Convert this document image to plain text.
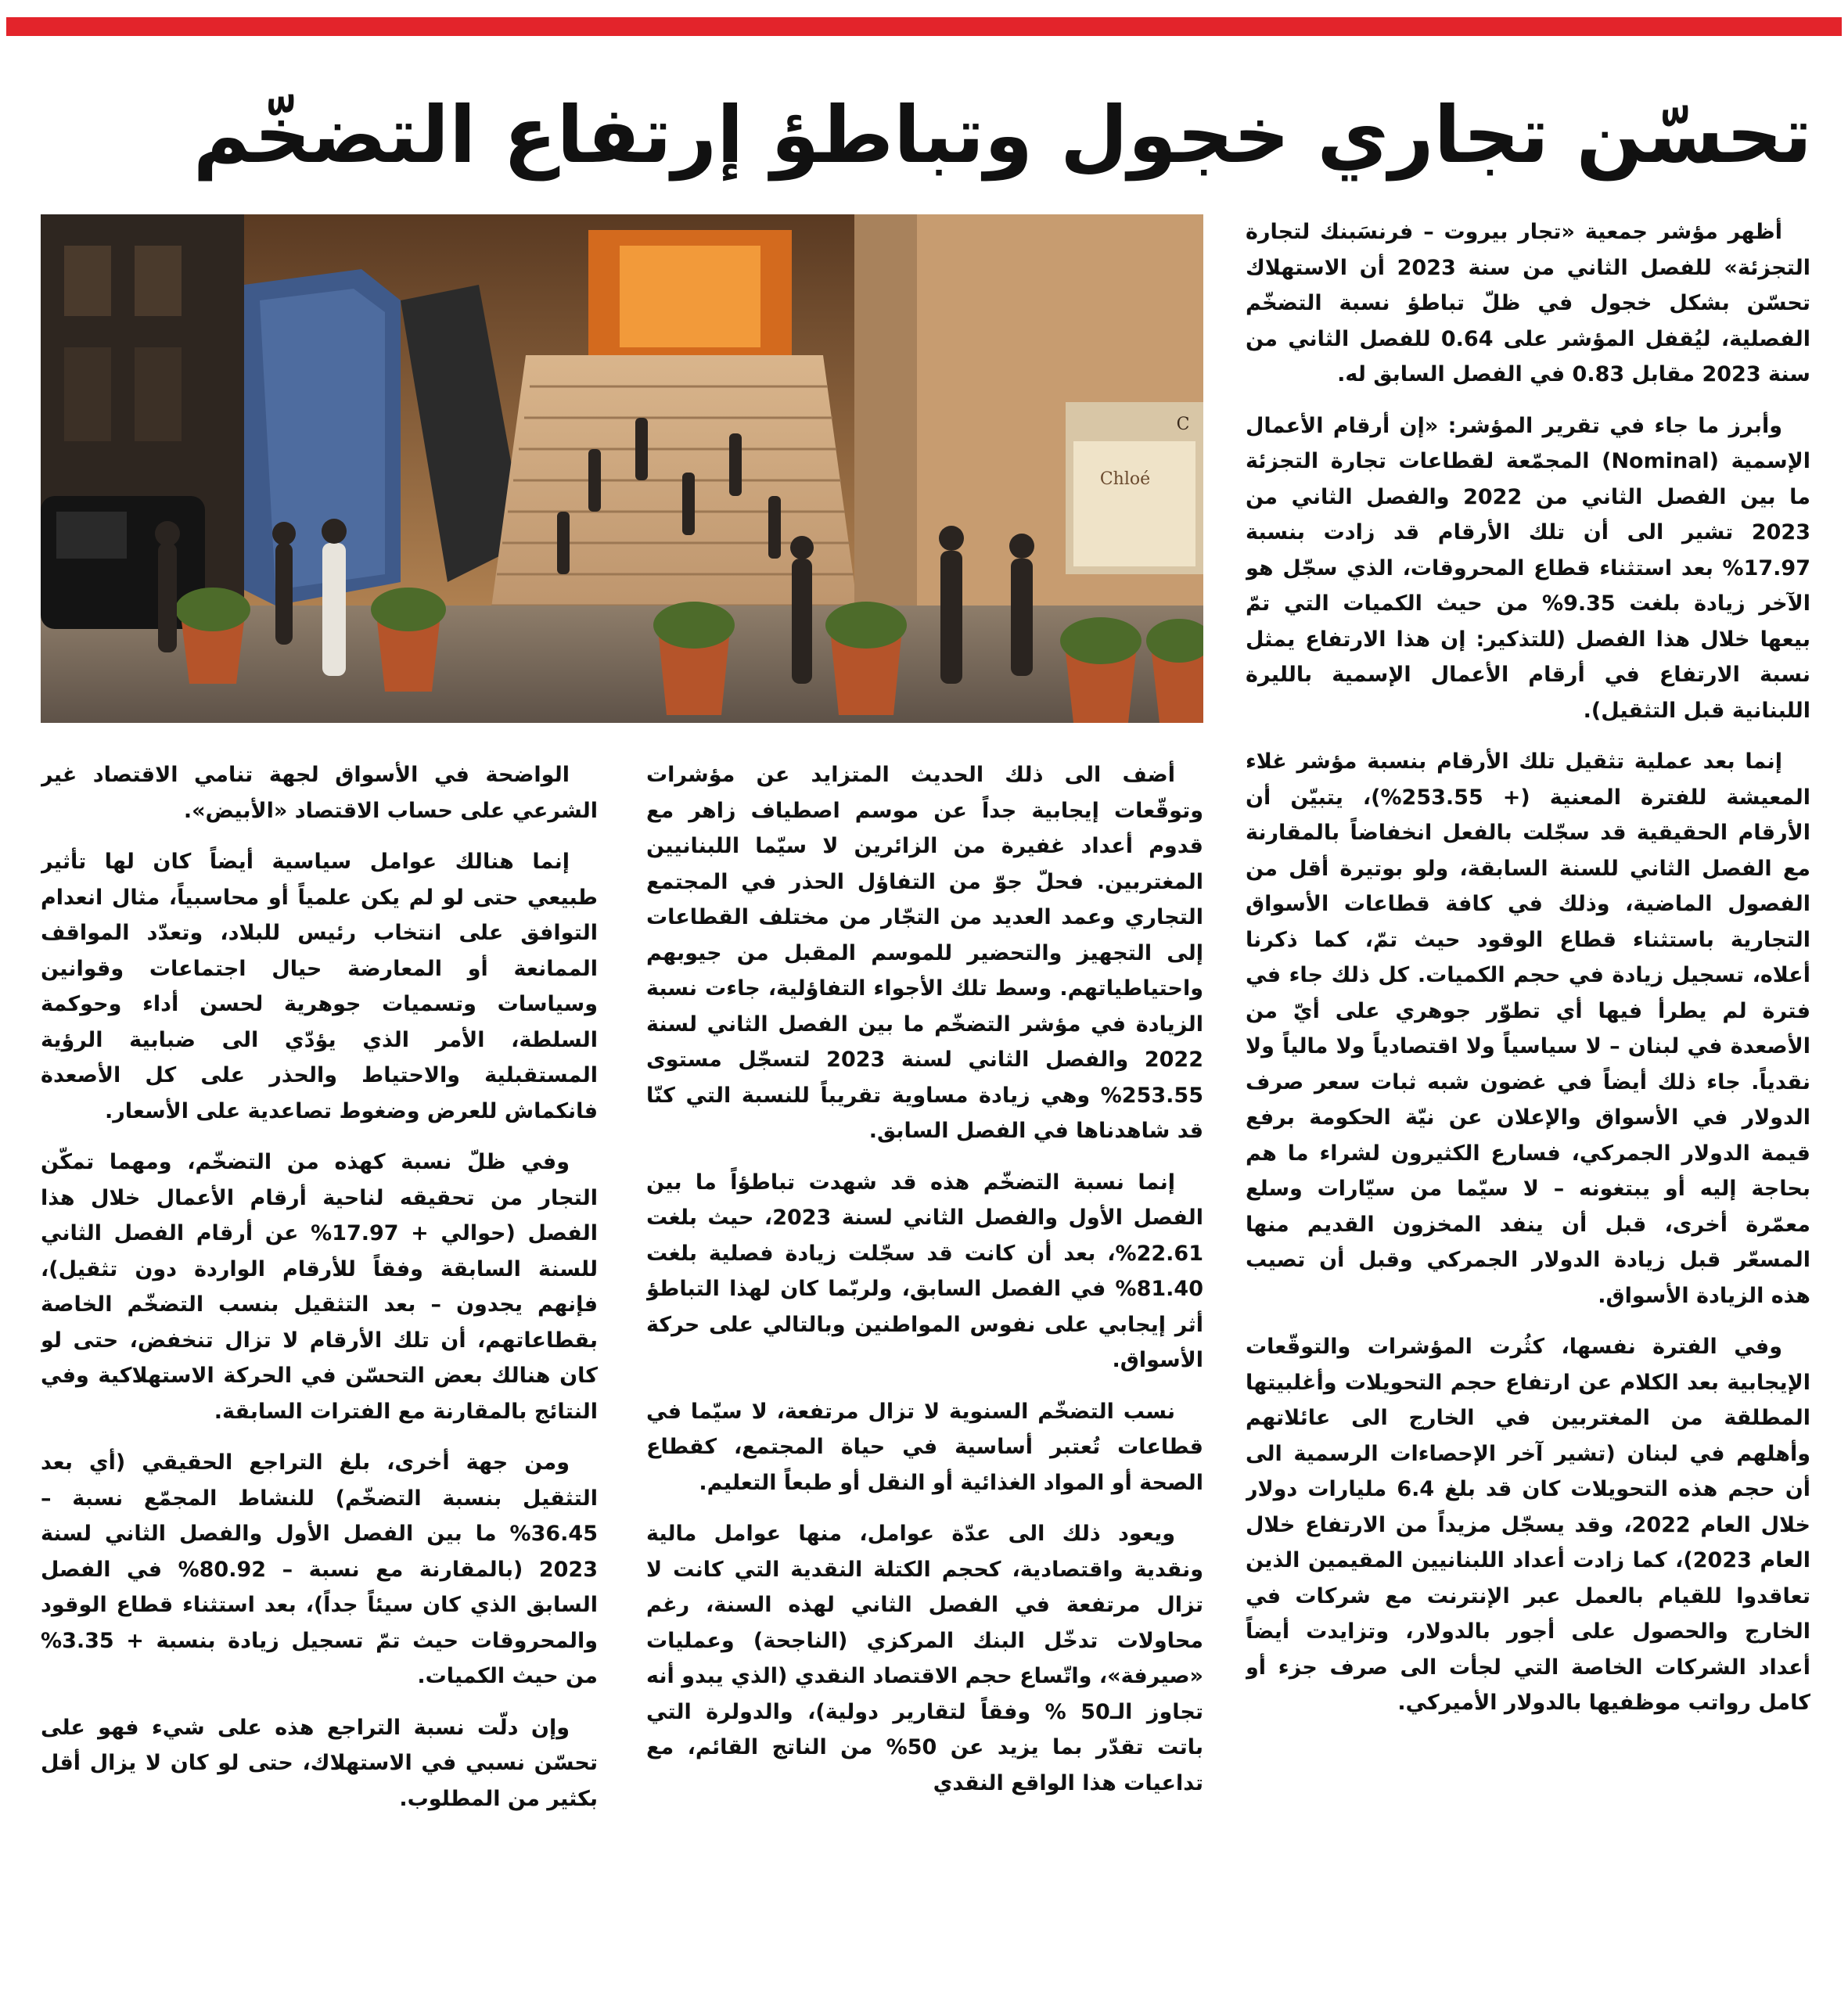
تحسّن تجاري خجول وتباطؤ إرتفاع التضخّم
Chloé
C

أظهر مؤشر جمعية «تجار بيروت – فرنسَبنك لتجارة التجزئة» للفصل الثاني من سنة 2023 أن الاستهلاك تحسّن بشكل خجول في ظلّ تباطؤ نسبة التضخّم الفصلية، ليُقفل المؤشر على 0.64 للفصل الثاني من سنة 2023 مقابل 0.83 في الفصل السابق له.

وأبرز ما جاء في تقرير المؤشر: «إن أرقام الأعمال الإسمية (Nominal) المجمّعة لقطاعات تجارة التجزئة ما بين الفصل الثاني من 2022 والفصل الثاني من 2023 تشير الى أن تلك الأرقام قد زادت بنسبة 17.97% بعد استثناء قطاع المحروقات، الذي سجّل هو الآخر زيادة بلغت 9.35% من حيث الكميات التي تمّ بيعها خلال هذا الفصل (للتذكير: إن هذا الارتفاع يمثل نسبة الارتفاع في أرقام الأعمال الإسمية بالليرة اللبنانية قبل التثقيل).

إنما بعد عملية تثقيل تلك الأرقام بنسبة مؤشر غلاء المعيشة للفترة المعنية (+ 253.55%)، يتبيّن أن الأرقام الحقيقية قد سجّلت بالفعل انخفاضاً بالمقارنة مع الفصل الثاني للسنة السابقة، ولو بوتيرة أقل من الفصول الماضية، وذلك في كافة قطاعات الأسواق التجارية باستثناء قطاع الوقود حيث تمّ، كما ذكرنا أعلاه، تسجيل زيادة في حجم الكميات. كل ذلك جاء في فترة لم يطرأ فيها أي تطوّر جوهري على أيّ من الأصعدة في لبنان – لا سياسياً ولا اقتصادياً ولا مالياً ولا نقدياً. جاء ذلك أيضاً في غضون شبه ثبات سعر صرف الدولار في الأسواق والإعلان عن نيّة الحكومة برفع قيمة الدولار الجمركي، فسارع الكثيرون لشراء ما هم بحاجة إليه أو يبتغونه – لا سيّما من سيّارات وسلع معمّرة أخرى، قبل أن ينفد المخزون القديم منها المسعّر قبل زيادة الدولار الجمركي وقبل أن تصيب هذه الزيادة الأسواق.

وفي الفترة نفسها، كثُرت المؤشرات والتوقّعات الإيجابية بعد الكلام عن ارتفاع حجم التحويلات وأغلبيتها المطلقة من المغتربين في الخارج الى عائلاتهم وأهلهم في لبنان (تشير آخر الإحصاءات الرسمية الى أن حجم هذه التحويلات كان قد بلغ 6.4 مليارات دولار خلال العام 2022، وقد يسجّل مزيداً من الارتفاع خلال العام 2023)، كما زادت أعداد اللبنانيين المقيمين الذين تعاقدوا للقيام بالعمل عبر الإنترنت مع شركات في الخارج والحصول على أجور بالدولار، وتزايدت أيضاً أعداد الشركات الخاصة التي لجأت الى صرف جزء أو كامل رواتب موظفيها بالدولار الأميركي.

أضف الى ذلك الحديث المتزايد عن مؤشرات وتوقّعات إيجابية جداً عن موسم اصطياف زاهر مع قدوم أعداد غفيرة من الزائرين لا سيّما اللبنانيين المغتربين. فحلّ جوّ من التفاؤل الحذر في المجتمع التجاري وعمد العديد من التجّار من مختلف القطاعات إلى التجهيز والتحضير للموسم المقبل من جيوبهم واحتياطياتهم. وسط تلك الأجواء التفاؤلية، جاءت نسبة الزيادة في مؤشر التضخّم ما بين الفصل الثاني لسنة 2022 والفصل الثاني لسنة 2023 لتسجّل مستوى 253.55% وهي زيادة مساوية تقريباً للنسبة التي كنّا قد شاهدناها في الفصل السابق.

إنما نسبة التضخّم هذه قد شهدت تباطؤاً ما بين الفصل الأول والفصل الثاني لسنة 2023، حيث بلغت 22.61%، بعد أن كانت قد سجّلت زيادة فصلية بلغت 81.40% في الفصل السابق، ولربّما كان لهذا التباطؤ أثر إيجابي على نفوس المواطنين وبالتالي على حركة الأسواق.

نسب التضخّم السنوية لا تزال مرتفعة، لا سيّما في قطاعات تُعتبر أساسية في حياة المجتمع، كقطاع الصحة أو المواد الغذائية أو النقل أو طبعاً التعليم.

ويعود ذلك الى عدّة عوامل، منها عوامل مالية ونقدية واقتصادية، كحجم الكتلة النقدية التي كانت لا تزال مرتفعة في الفصل الثاني لهذه السنة، رغم محاولات تدخّل البنك المركزي (الناجحة) وعمليات «صيرفة»، واتّساع حجم الاقتصاد النقدي (الذي يبدو أنه تجاوز الـ50 % وفقاً لتقارير دولية)، والدولرة التي باتت تقدّر بما يزيد عن 50% من الناتج القائم، مع تداعيات هذا الواقع النقدي

الواضحة في الأسواق لجهة تنامي الاقتصاد غير الشرعي على حساب الاقتصاد «الأبيض».

إنما هنالك عوامل سياسية أيضاً كان لها تأثير طبيعي حتى لو لم يكن علمياً أو محاسبياً، مثال انعدام التوافق على انتخاب رئيس للبلاد، وتعدّد المواقف الممانعة أو المعارضة حيال اجتماعات وقوانين وسياسات وتسميات جوهرية لحسن أداء وحوكمة السلطة، الأمر الذي يؤدّي الى ضبابية الرؤية المستقبلية والاحتياط والحذر على كل الأصعدة فانكماش للعرض وضغوط تصاعدية على الأسعار.

وفي ظلّ نسبة كهذه من التضخّم، ومهما تمكّن التجار من تحقيقه لناحية أرقام الأعمال خلال هذا الفصل (حوالي + 17.97% عن أرقام الفصل الثاني للسنة السابقة وفقاً للأرقام الواردة دون تثقيل)، فإنهم يجدون – بعد التثقيل بنسب التضخّم الخاصة بقطاعاتهم، أن تلك الأرقام لا تزال تنخفض، حتى لو كان هنالك بعض التحسّن في الحركة الاستهلاكية وفي النتائج بالمقارنة مع الفترات السابقة.

ومن جهة أخرى، بلغ التراجع الحقيقي (أي بعد التثقيل بنسبة التضخّم) للنشاط المجمّع نسبة – 36.45% ما بين الفصل الأول والفصل الثاني لسنة 2023 (بالمقارنة مع نسبة – 80.92% في الفصل السابق الذي كان سيئاً جداً)، بعد استثناء قطاع الوقود والمحروقات حيث تمّ تسجيل زيادة بنسبة + 3.35% من حيث الكميات.

وإن دلّت نسبة التراجع هذه على شيء فهو على تحسّن نسبي في الاستهلاك، حتى لو كان لا يزال أقل بكثير من المطلوب.
